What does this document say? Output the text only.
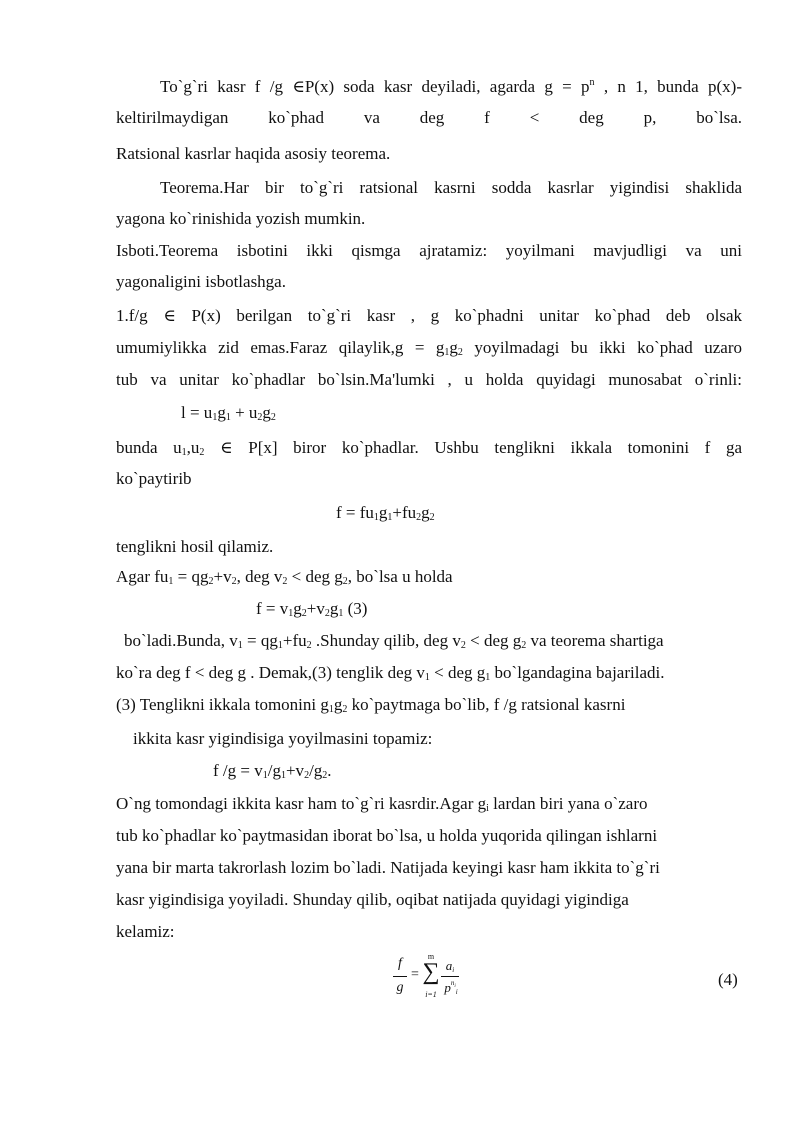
To`g`ri kasr f /g ∈P(x) soda kasr deyiladi, agarda $g = p^n$ , n 1, bunda p(x)-
keltirilmaydigan ko`phad va deg f < deg p, bo`lsa.
Ratsional kasrlar haqida asosiy teorema.
Teorema.Har bir to`g`ri ratsional kasrni sodda kasrlar yigindisi shaklida
yagona ko`rinishida yozish mumkin.
Isboti.Teorema isbotini ikki qismga ajratamiz: yoyilmani mavjudligi va uni
yagonaligini isbotlashga.
1.f/g ∈ P(x) berilgan to`g`ri kasr , g ko`phadni unitar ko`phad deb olsak
umumiylikka zid emas.Faraz qilaylik,g = $g_1g_2$ yoyilmadagi bu ikki ko`phad uzaro
tub va unitar ko`phadlar bo`lsin.Ma'lumki , u holda quyidagi munosabat o`rinli:
$l = u_1g_1 + u_2g_2$
bunda $u_1,u_2$ ∈ P[x] biror ko`phadlar. Ushbu tenglikni ikkala tomonini f ga
ko`paytirib
$f = fu_1g_1+fu_2g_2$
tenglikni hosil qilamiz.
Agar $fu_1 = qg_2+v_2$, deg $v_2$ < deg $g_2$, bo`lsa u holda
$f = v_1g_2+v_2g_1$ (3)
bo`ladi.Bunda, $v_1 = qg_1+fu_2$ .Shunday qilib, deg $v_2$ < deg $g_2$ va teorema shartiga
ko`ra deg f < deg g . Demak,(3) tenglik deg $v_1$ < deg $g_1$ bo`lgandagina bajariladi.
(3) Tenglikni ikkala tomonini $g_1g_2$ ko`paytmaga bo`lib, f /g ratsional kasrni
ikkita kasr yigindisiga yoyilmasini topamiz:
f $/g = v_1/g_1+v_2/g_2$.
O`ng tomondagi ikkita kasr ham to`g`ri kasrdir.Agar $g_i$ lardan biri yana o`zaro
tub ko`phadlar ko`paytmasidan iborat bo`lsa, u holda yuqorida qilingan ishlarni
yana bir marta takrorlash lozim bo`ladi. Natijada keyingi kasr ham ikkita to`g`ri
kasr yigindisiga yoyiladi. Shunday qilib, oqibat natijada quyidagi yigindiga
kelamiz:
f
g
=
m
∑
i=1
$a_i$
$p^{n_i}_i$
(4)
